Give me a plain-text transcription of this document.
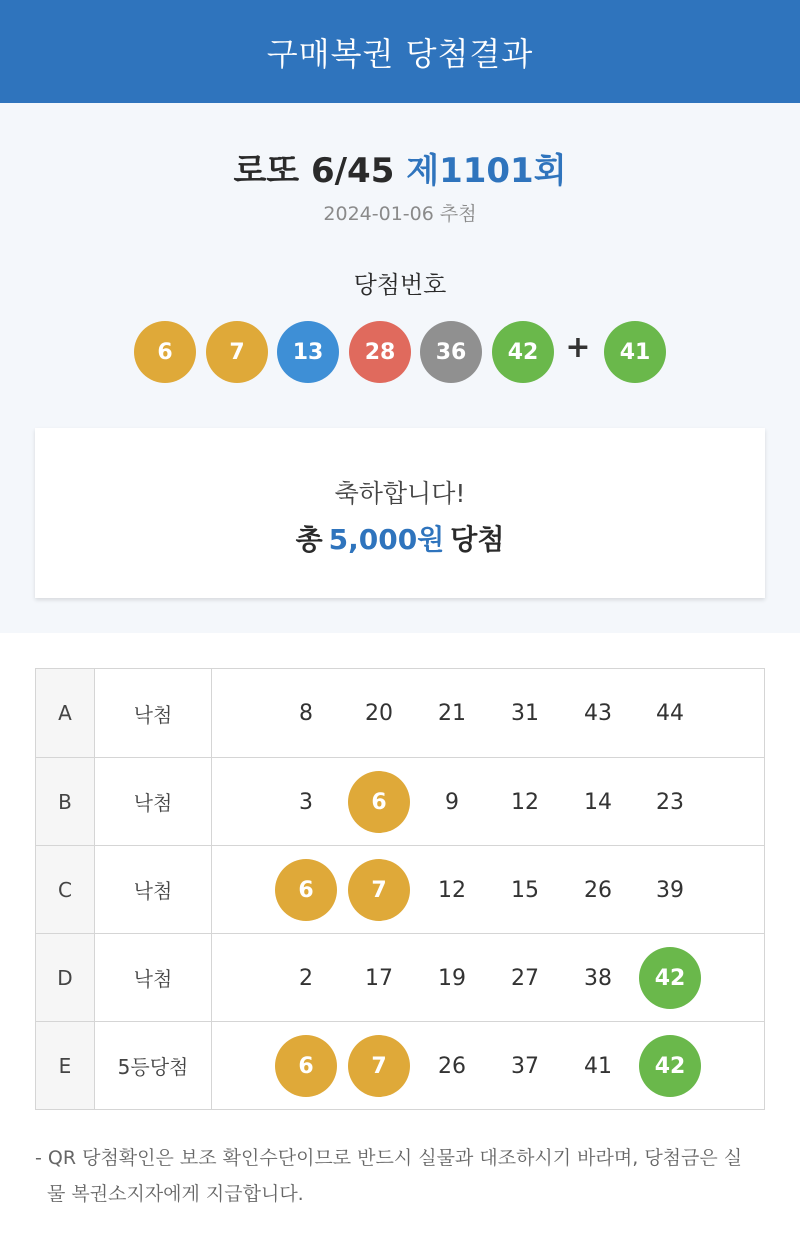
구매복권 당첨결과
로또 6/45 제1101회
2024-01-06 추첨
당첨번호
6	7	13	28	36	42	41
+
축하합니다!
총 5,000원 당첨
A	낙첨	8	20	21	31	43	44
B	낙첨	3	6	9	12	14	23
C	낙첨	6	7	12	15	26	39
D	낙첨	2	17	19	27	38	42
E	5등당첨	6	7	26	37	41	42
- QR 당첨확인은 보조 확인수단이므로 반드시 실물과 대조하시기 바라며, 당첨금은 실
물 복권소지자에게 지급합니다.
